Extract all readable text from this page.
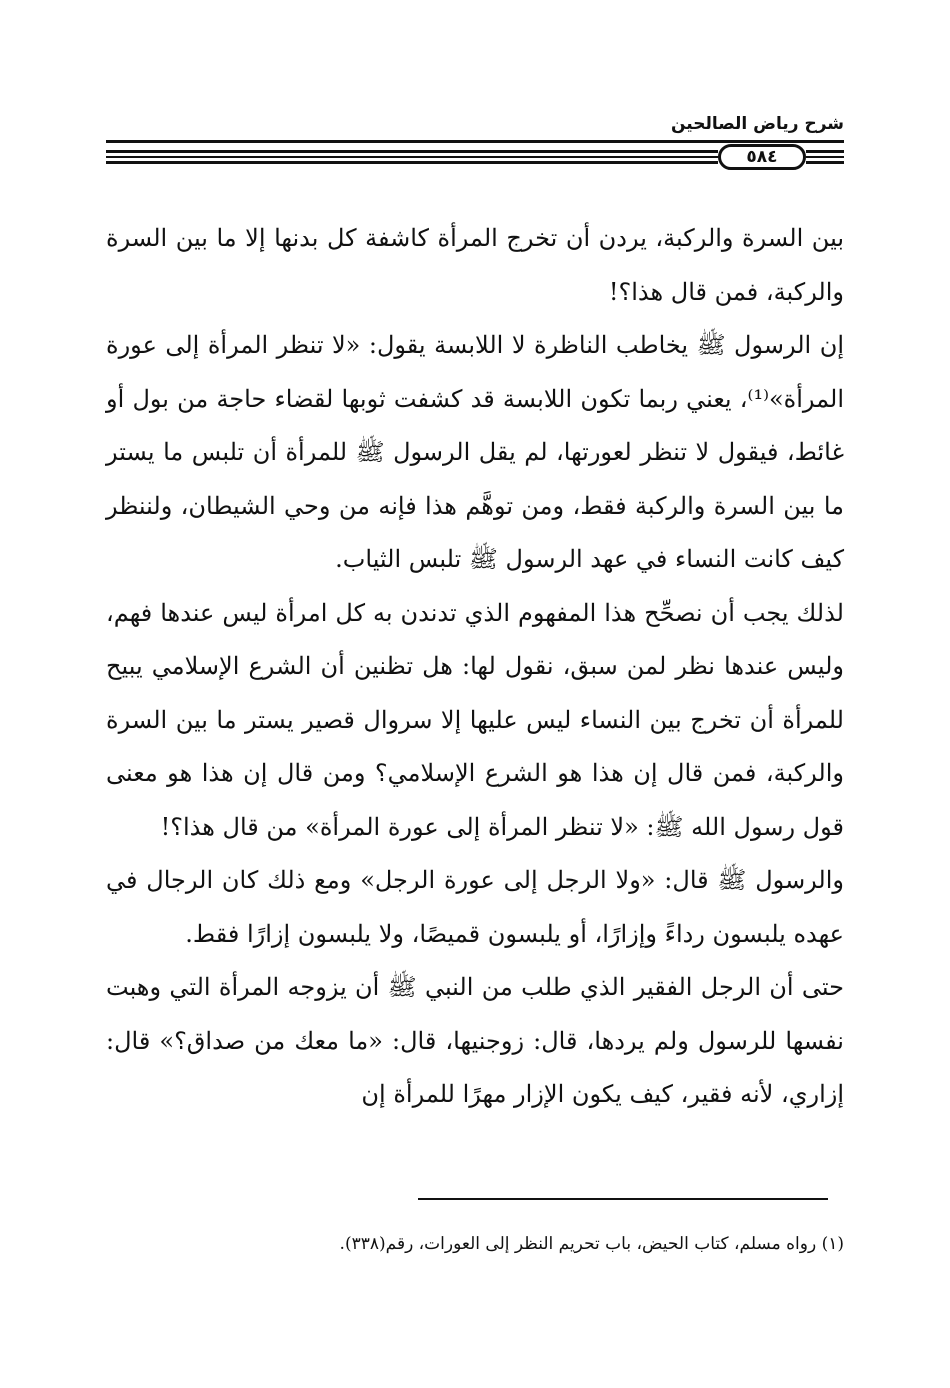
شرح رياض الصالحين
٥٨٤

بين السرة والركبة، يردن أن تخرج المرأة كاشفة كل بدنها إلا ما بين السرة والركبة، فمن قال هذا؟!

إن الرسول ﷺ يخاطب الناظرة لا اللابسة يقول: «لا تنظر المرأة إلى عورة المرأة»⁽¹⁾، يعني ربما تكون اللابسة قد كشفت ثوبها لقضاء حاجة من بول أو غائط، فيقول لا تنظر لعورتها، لم يقل الرسول ﷺ للمرأة أن تلبس ما يستر ما بين السرة والركبة فقط، ومن توهَّم هذا فإنه من وحي الشيطان، ولننظر كيف كانت النساء في عهد الرسول ﷺ تلبس الثياب.

لذلك يجب أن نصحِّح هذا المفهوم الذي تدندن به كل امرأة ليس عندها فهم، وليس عندها نظر لمن سبق، نقول لها: هل تظنين أن الشرع الإسلامي يبيح للمرأة أن تخرج بين النساء ليس عليها إلا سروال قصير يستر ما بين السرة والركبة، فمن قال إن هذا هو الشرع الإسلامي؟ ومن قال إن هذا هو معنى قول رسول الله ﷺ: «لا تنظر المرأة إلى عورة المرأة» من قال هذا؟!

والرسول ﷺ قال: «ولا الرجل إلى عورة الرجل» ومع ذلك كان الرجال في عهده يلبسون رداءً وإزارًا، أو يلبسون قميصًا، ولا يلبسون إزارًا فقط.

حتى أن الرجل الفقير الذي طلب من النبي ﷺ أن يزوجه المرأة التي وهبت نفسها للرسول ولم يردها، قال: زوجنيها، قال: «ما معك من صداق؟» قال: إزاري، لأنه فقير، كيف يكون الإزار مهرًا للمرأة إن

(١) رواه مسلم، كتاب الحيض، باب تحريم النظر إلى العورات، رقم(٣٣٨).
